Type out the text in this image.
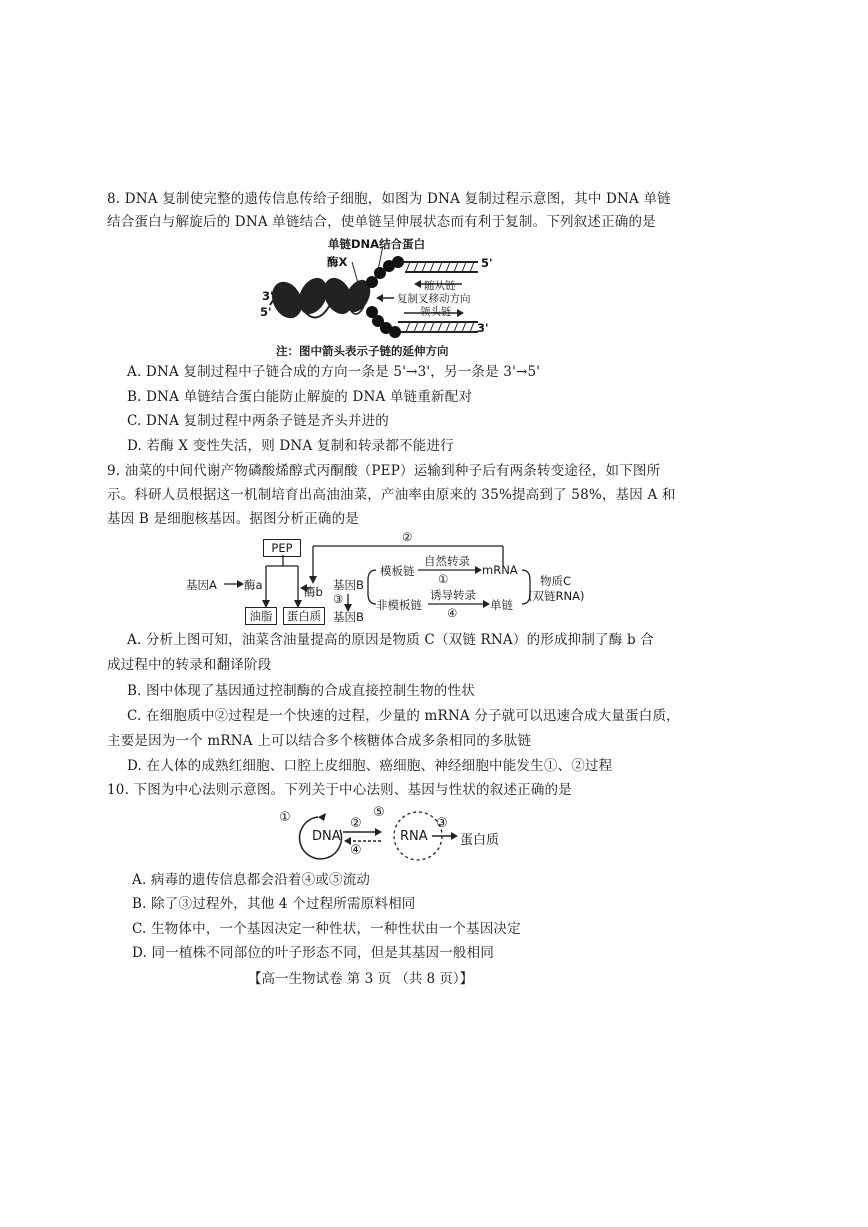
8. DNA 复制使完整的遗传信息传给子细胞，如图为 DNA 复制过程示意图，其中 DNA 单链
结合蛋白与解旋后的 DNA 单链结合，使单链呈伸展状态而有利于复制。下列叙述正确的是
单链DNA结合蛋白
酶X	5'
3'
5'
随从链
复制叉移动方向
领头链
3'
注：图中箭头表示子链的延伸方向
A. DNA 复制过程中子链合成的方向一条是 5'→3'，另一条是 3'→5'
B. DNA 单链结合蛋白能防止解旋的 DNA 单链重新配对
C. DNA 复制过程中两条子链是齐头并进的
D. 若酶 X 变性失活，则 DNA 复制和转录都不能进行
9. 油菜的中间代谢产物磷酸烯醇式丙酮酸（PEP）运输到种子后有两条转变途径，如下图所
示。科研人员根据这一机制培育出高油油菜，产油率由原来的 35%提高到了 58%，基因 A 和
基因 B 是细胞核基因。据图分析正确的是
PEP
基因A 酶a
油脂	蛋白质
酶b
②
基因B
③
基因B
模板链
自然转录
①
mRNA
非模板链
诱导转录
④
单链
物质C
(双链RNA)
A. 分析上图可知，油菜含油量提高的原因是物质 C（双链 RNA）的形成抑制了酶 b 合
成过程中的转录和翻译阶段
B. 图中体现了基因通过控制酶的合成直接控制生物的性状
C. 在细胞质中②过程是一个快速的过程，少量的 mRNA 分子就可以迅速合成大量蛋白质，
主要是因为一个 mRNA 上可以结合多个核糖体合成多条相同的多肽链
D. 在人体的成熟红细胞、口腔上皮细胞、癌细胞、神经细胞中能发生①、②过程
10. 下图为中心法则示意图。下列关于中心法则、基因与性状的叙述正确的是
①
DNA
②
④
⑤
RNA
③
蛋白质
A. 病毒的遗传信息都会沿着④或⑤流动
B. 除了③过程外，其他 4 个过程所需原料相同
C. 生物体中，一个基因决定一种性状，一种性状由一个基因决定
D. 同一植株不同部位的叶子形态不同，但是其基因一般相同
【高一生物试卷 第 3 页 （共 8 页）】
